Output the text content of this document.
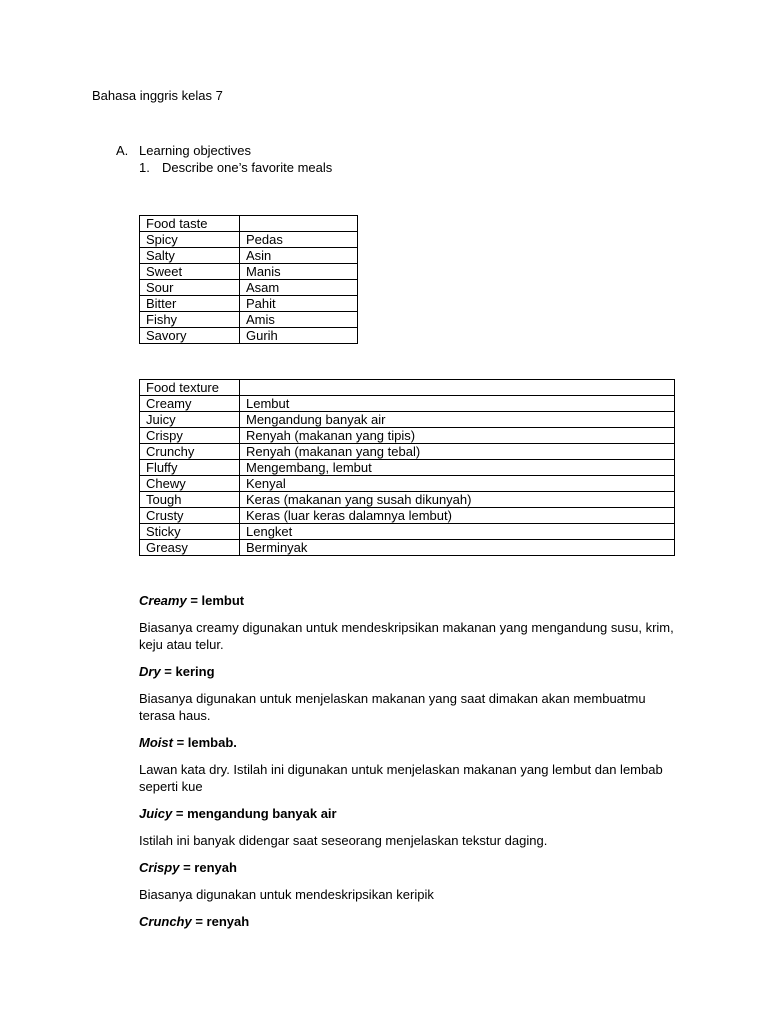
Bahasa inggris kelas 7
A. Learning objectives
1. Describe one’s favorite meals
Food taste	
Spicy	Pedas
Salty	Asin
Sweet	Manis
Sour	Asam
Bitter	Pahit
Fishy	Amis
Savory	Gurih
Food texture	
Creamy	Lembut
Juicy	Mengandung banyak air
Crispy	Renyah (makanan yang tipis)
Crunchy	Renyah (makanan yang tebal)
Fluffy	Mengembang, lembut
Chewy	Kenyal
Tough	Keras (makanan yang susah dikunyah)
Crusty	Keras (luar keras dalamnya lembut)
Sticky	Lengket
Greasy	Berminyak

Creamy = lembut

Biasanya creamy digunakan untuk mendeskripsikan makanan yang mengandung susu, krim, keju atau telur.

Dry = kering

Biasanya digunakan untuk menjelaskan makanan yang saat dimakan akan membuatmu terasa haus.

Moist = lembab.

Lawan kata dry. Istilah ini digunakan untuk menjelaskan makanan yang lembut dan lembab seperti kue

Juicy = mengandung banyak air

Istilah ini banyak didengar saat seseorang menjelaskan tekstur daging.

Crispy = renyah

Biasanya digunakan untuk mendeskripsikan keripik

Crunchy = renyah
